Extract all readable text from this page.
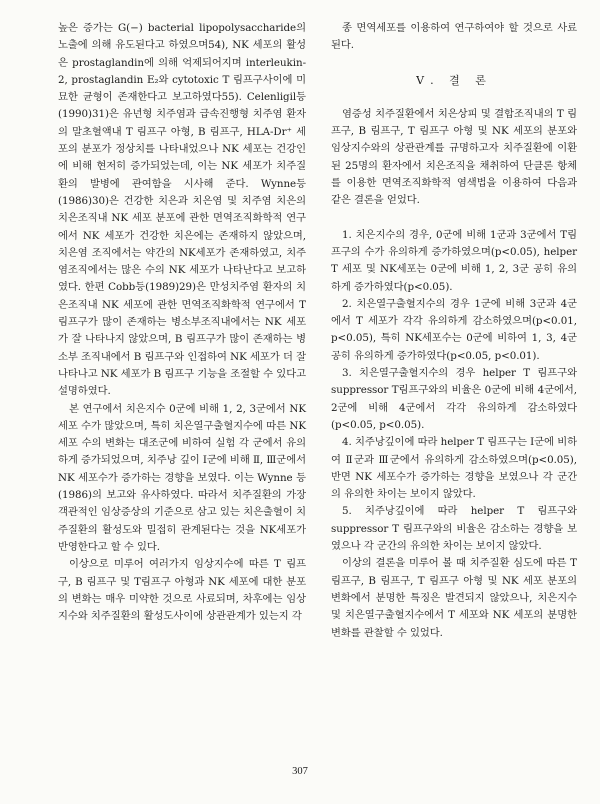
높은 증가는 G(−) bacterial lipopolysaccharide의 노출에 의해 유도된다고 하였으며54), NK 세포의 활성은 prostaglandin에 의해 억제되어지며 interleukin-2, prostaglandin E₂와 cytotoxic T 림프구사이에 미묘한 균형이 존재한다고 보고하였다55). Celenligil등(1990)31)은 유년형 치주염과 급속진행형 치주염 환자의 말초혈액내 T 림프구 아형, B 림프구, HLA-Dr⁺ 세포의 분포가 정상치를 나타내었으나 NK 세포는 건강인에 비해 현저히 증가되었는데, 이는 NK 세포가 치주질환의 발병에 관여함을 시사해 준다. Wynne등(1986)30)은 건강한 치은과 치은염 및 치주염 치은의 치은조직내 NK 세포 분포에 관한 면역조직화학적 연구에서 NK 세포가 건강한 치은에는 존재하지 않았으며, 치은염 조직에서는 약간의 NK세포가 존재하였고, 치주염조직에서는 많은 수의 NK 세포가 나타난다고 보고하였다. 한편 Cobb등(1989)29)은 만성치주염 환자의 치은조직내 NK 세포에 관한 면역조직화학적 연구에서 T 림프구가 많이 존재하는 병소부조직내에서는 NK 세포가 잘 나타나지 않았으며, B 림프구가 많이 존재하는 병소부 조직내에서 B 림프구와 인접하여 NK 세포가 더 잘 나타나고 NK 세포가 B 림프구 기능을 조절할 수 있다고 설명하였다.

본 연구에서 치은지수 0군에 비해 1, 2, 3군에서 NK 세포 수가 많았으며, 특히 치은열구출혈지수에 따른 NK 세포 수의 변화는 대조군에 비하여 실험 각 군에서 유의하게 증가되었으며, 치주낭 깊이 Ⅰ군에 비해 Ⅱ, Ⅲ군에서 NK 세포수가 증가하는 경향을 보였다. 이는 Wynne 등(1986)의 보고와 유사하였다. 따라서 치주질환의 가장 객관적인 임상증상의 기준으로 삼고 있는 치은출혈이 치주질환의 활성도와 밀접히 관계된다는 것을 NK세포가 반영한다고 할 수 있다.

이상으로 미루어 여러가지 임상지수에 따른 T 림프구, B 림프구 및 T림프구 아형과 NK 세포에 대한 분포의 변화는 매우 미약한 것으로 사료되며, 차후에는 임상지수와 치주질환의 활성도사이에 상관관계가 있는지 각

종 면역세포를 이용하여 연구하여야 할 것으로 사료된다.

Ⅴ. 결 론

염증성 치주질환에서 치은상피 및 결합조직내의 T 림프구, B 림프구, T 림프구 아형 및 NK 세포의 분포와 임상지수와의 상관관계를 규명하고자 치주질환에 이환된 25명의 환자에서 치은조직을 채취하여 단클론 항체를 이용한 면역조직화학적 염색법을 이용하여 다음과 같은 결론을 얻었다.

1. 치은지수의 경우, 0군에 비해 1군과 3군에서 T림프구의 수가 유의하게 증가하였으며(p<0.05), helper T 세포 및 NK세포는 0군에 비해 1, 2, 3군 공히 유의하게 증가하였다(p<0.05).

2. 치은열구출혈지수의 경우 1군에 비해 3군과 4군에서 T 세포가 각각 유의하게 감소하였으며(p<0.01, p<0.05), 특히 NK세포수는 0군에 비하여 1, 3, 4군 공히 유의하게 증가하였다(p<0.05, p<0.01).

3. 치은열구출혈지수의 경우 helper T 림프구와 suppressor T림프구와의 비율은 0군에 비해 4군에서, 2군에 비해 4군에서 각각 유의하게 감소하였다(p<0.05, p<0.05).

4. 치주낭깊이에 따라 helper T 림프구는 Ⅰ군에 비하여 Ⅱ군과 Ⅲ군에서 유의하게 감소하였으며(p<0.05), 반면 NK 세포수가 증가하는 경향을 보였으나 각 군간의 유의한 차이는 보이지 않았다.

5. 치주낭깊이에 따라 helper T 림프구와 suppressor T 림프구와의 비율은 감소하는 경향을 보였으나 각 군간의 유의한 차이는 보이지 않았다.

이상의 결론을 미루어 볼 때 치주질환 심도에 따른 T 림프구, B 림프구, T 림프구 아형 및 NK 세포 분포의 변화에서 분명한 특징은 발견되지 않았으나, 치은지수 및 치은열구출혈지수에서 T 세포와 NK 세포의 분명한 변화를 관찰할 수 있었다.

307
